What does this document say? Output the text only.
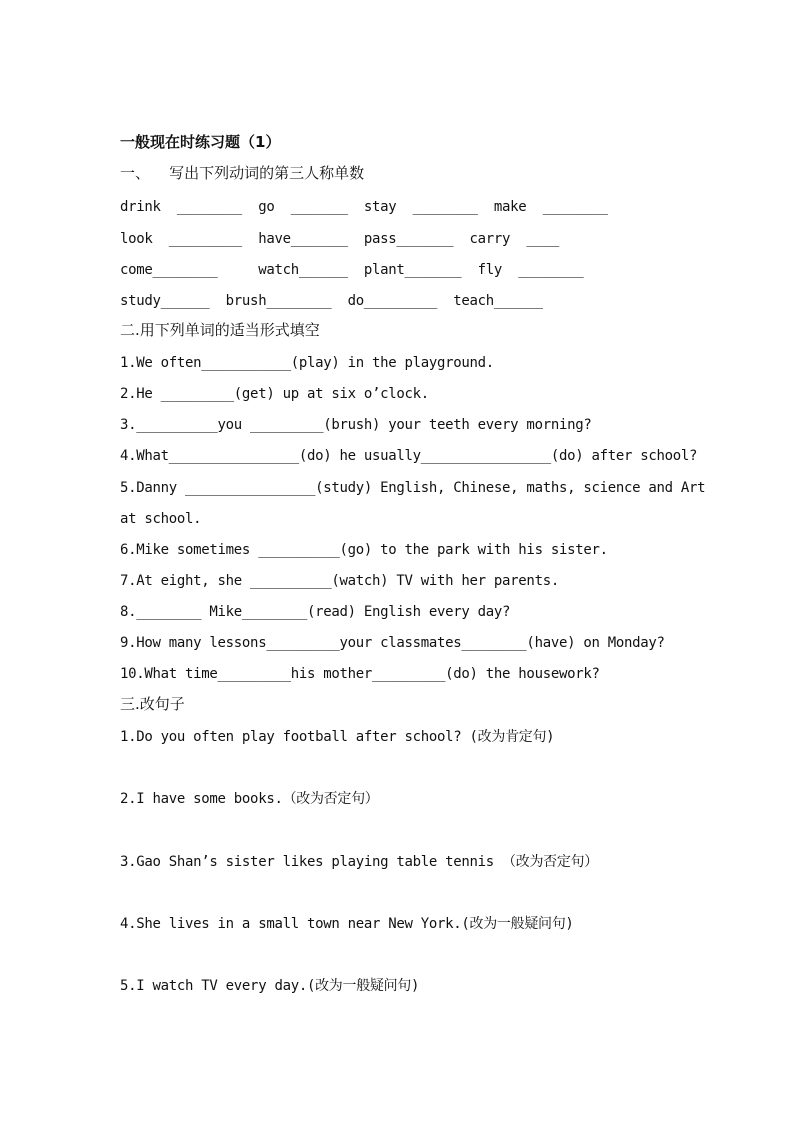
一般现在时练习题（1）
一、    写出下列动词的第三人称单数
drink  ________  go  _______  stay  ________  make  ________
look  _________  have_______  pass_______  carry  ____
come________     watch______  plant_______  fly  ________
study______  brush________  do_________  teach______
二.用下列单词的适当形式填空
1.We often___________(play) in the playground.
2.He _________(get) up at six o’clock.
3.__________you _________(brush) your teeth every morning?
4.What________________(do) he usually________________(do) after school?
5.Danny ________________(study) English, Chinese, maths, science and Art
at school.
6.Mike sometimes __________(go) to the park with his sister.
7.At eight, she __________(watch) TV with her parents.
8.________ Mike________(read) English every day?
9.How many lessons_________your classmates________(have) on Monday?
10.What time_________his mother_________(do) the housework?
三.改句子
1.Do you often play football after school? (改为肯定句)
2.I have some books.（改为否定句）
3.Gao Shan’s sister likes playing table tennis （改为否定句）
4.She lives in a small town near New York.(改为一般疑问句)
5.I watch TV every day.(改为一般疑问句)
